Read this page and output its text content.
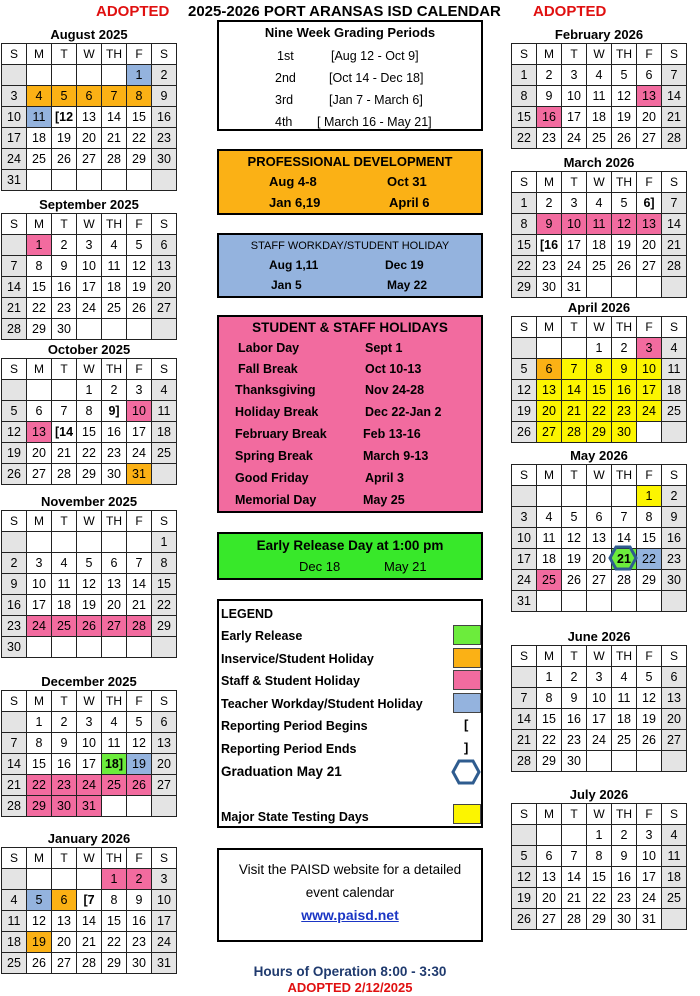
ADOPTED 2025-2026 PORT ARANSAS ISD CALENDAR ADOPTED
August 2025
S	M	T	W	TH	F	S
					1	2
3	4	5	6	7	8	9
10	11	[12	13	14	15	16
17	18	19	20	21	22	23
24	25	26	27	28	29	30
31						
September 2025
S	M	T	W	TH	F	S
	1	2	3	4	5	6
7	8	9	10	11	12	13
14	15	16	17	18	19	20
21	22	23	24	25	26	27
28	29	30				
October 2025
S	M	T	W	TH	F	S
			1	2	3	4
5	6	7	8	9]	10	11
12	13	[14	15	16	17	18
19	20	21	22	23	24	25
26	27	28	29	30	31	
November 2025
S	M	T	W	TH	F	S
						1
2	3	4	5	6	7	8
9	10	11	12	13	14	15
16	17	18	19	20	21	22
23	24	25	26	27	28	29
30						
December 2025
S	M	T	W	TH	F	S
	1	2	3	4	5	6
7	8	9	10	11	12	13
14	15	16	17	18]	19	20
21	22	23	24	25	26	27
28	29	30	31			
January 2026
S	M	T	W	TH	F	S
				1	2	3
4	5	6	[7	8	9	10
11	12	13	14	15	16	17
18	19	20	21	22	23	24
25	26	27	28	29	30	31
February 2026
S	M	T	W	TH	F	S
1	2	3	4	5	6	7
8	9	10	11	12	13	14
15	16	17	18	19	20	21
22	23	24	25	26	27	28
March 2026
S	M	T	W	TH	F	S
1	2	3	4	5	6]	7
8	9	10	11	12	13	14
15	[16	17	18	19	20	21
22	23	24	25	26	27	28
29	30	31				
April 2026
S	M	T	W	TH	F	S
			1	2	3	4
5	6	7	8	9	10	11
12	13	14	15	16	17	18
19	20	21	22	23	24	25
26	27	28	29	30		
May 2026
S	M	T	W	TH	F	S
					1	2
3	4	5	6	7	8	9
10	11	12	13	14	15	16
17	18	19	20	21	22	23
24	25	26	27	28	29	30
31						
June 2026
S	M	T	W	TH	F	S
	1	2	3	4	5	6
7	8	9	10	11	12	13
14	15	16	17	18	19	20
21	22	23	24	25	26	27
28	29	30				
July 2026
S	M	T	W	TH	F	S
			1	2	3	4
5	6	7	8	9	10	11
12	13	14	15	16	17	18
19	20	21	22	23	24	25
26	27	28	29	30	31	
Nine Week Grading Periods
1st	[Aug 12 - Oct 9]
2nd	[Oct 14 - Dec 18]
3rd	[Jan 7 - March 6]
4th [ March 16 - May 21]
PROFESSIONAL DEVELOPMENT
Aug 4-8	Oct 31
Jan 6,19	April 6
STAFF WORKDAY/STUDENT HOLIDAY
Aug 1,11	Dec 19
Jan 5	May 22
STUDENT & STAFF HOLIDAYS
Labor Day	Sept 1
Fall Break	Oct 10-13
Thanksgiving	Nov 24-28
Holiday Break	Dec 22-Jan 2
February Break	Feb 13-16
Spring Break	March 9-13
Good Friday	April 3
Memorial Day	May 25
Early Release Day at 1:00 pm
Dec 18	May 21
LEGEND
Early Release
Inservice/Student Holiday
Staff & Student Holiday
Teacher Workday/Student Holiday
Reporting Period Begins	[
Reporting Period Ends	]
Graduation May 21
Major State Testing Days
Visit the PAISD website for a detailed
event calendar
www.paisd.net
Hours of Operation 8:00 - 3:30
ADOPTED 2/12/2025
